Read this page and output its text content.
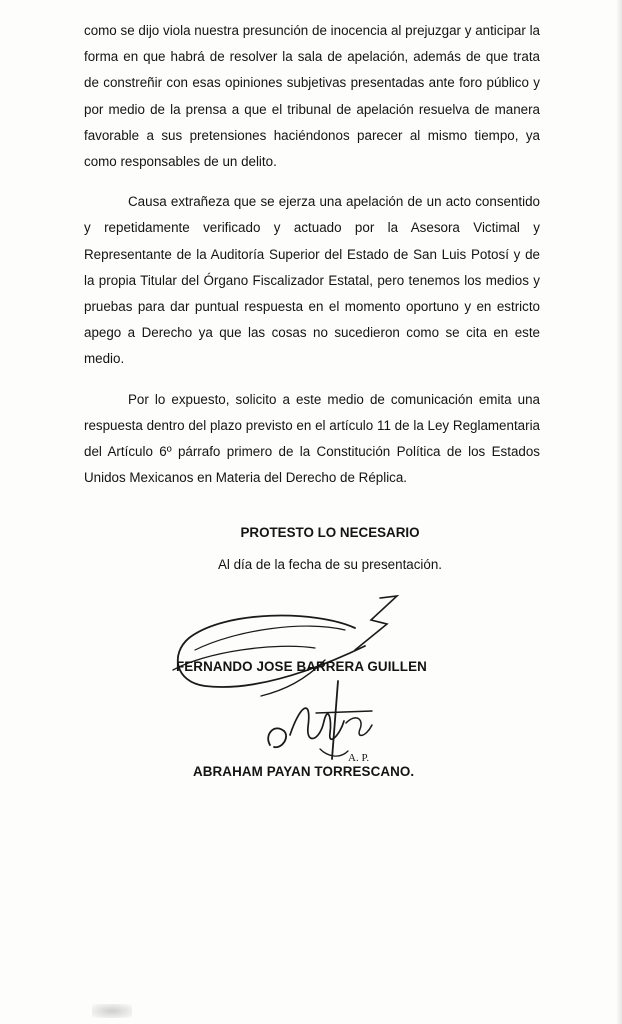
como se dijo viola nuestra presunción de inocencia al prejuzgar y anticipar la forma en que habrá de resolver la sala de apelación, además de que trata de constreñir con esas opiniones subjetivas presentadas ante foro público y por medio de la prensa a que el tribunal de apelación resuelva de manera favorable a sus pretensiones haciéndonos parecer al mismo tiempo, ya como responsables de un delito.

Causa extrañeza que se ejerza una apelación de un acto consentido y repetidamente verificado y actuado por la Asesora Victimal y Representante de la Auditoría Superior del Estado de San Luis Potosí y de la propia Titular del Órgano Fiscalizador Estatal, pero tenemos los medios y pruebas para dar puntual respuesta en el momento oportuno y en estricto apego a Derecho ya que las cosas no sucedieron como se cita en este medio.

Por lo expuesto, solicito a este medio de comunicación emita una respuesta dentro del plazo previsto en el artículo 11 de la Ley Reglamentaria del Artículo 6º párrafo primero de la Constitución Política de los Estados Unidos Mexicanos en Materia del Derecho de Réplica.

PROTESTO LO NECESARIO
Al día de la fecha de su presentación.
FERNANDO JOSE BARRERA GUILLEN
A. P.
ABRAHAM PAYAN TORRESCANO.
